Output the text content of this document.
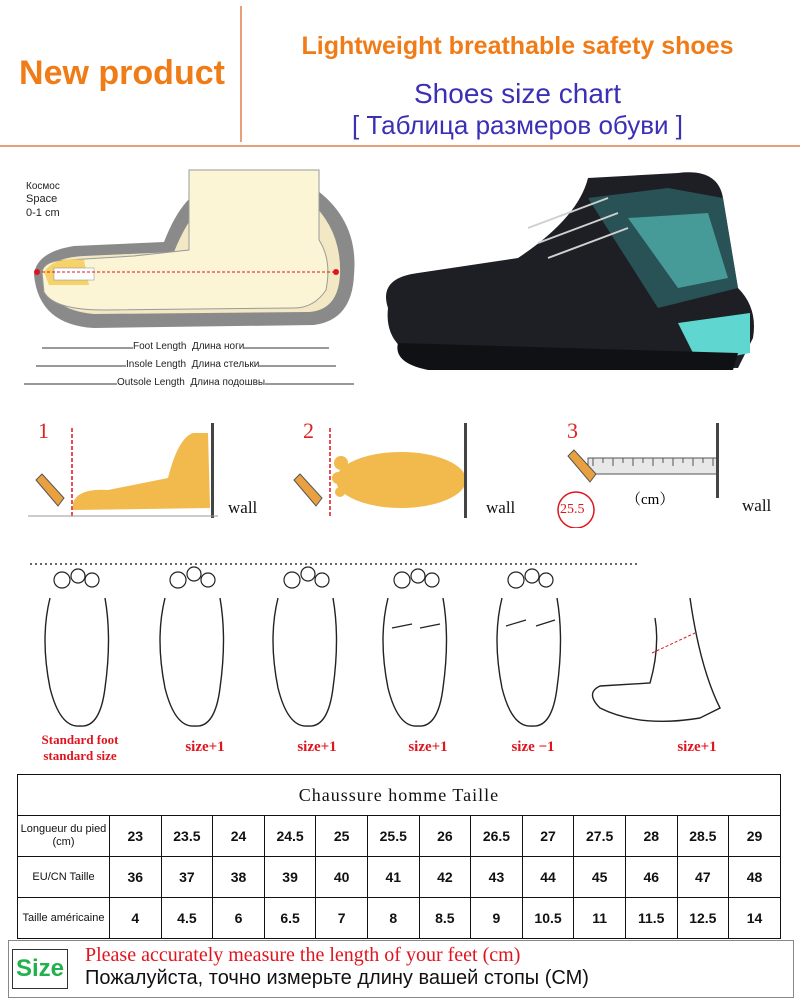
New product
Lightweight breathable safety shoes
Shoes size chart
[ Таблица размеров обуви ]
Космос
Space
0-1 cm
Foot Length Длина ноги
Insole Length Длина стельки
Outsole Length Длина подошвы
1
wall
2
wall
3
25.5
（cm）	wall
Standard foot
standard size
size+1	size+1	size+1	size −1	size+1
Chaussure homme Taille													
Longueur du pied (cm)	23	23.5	24	24.5	25	25.5	26	26.5	27	27.5	28	28.5	29
EU/CN Taille	36	37	38	39	40	41	42	43	44	45	46	47	48
Taille américaine	4	4.5	6	6.5	7	8	8.5	9	10.5	11	11.5	12.5	14
Size Please accurately measure the length of your feet (cm)
Пожалуйста, точно измерьте длину вашей стопы (СМ)
